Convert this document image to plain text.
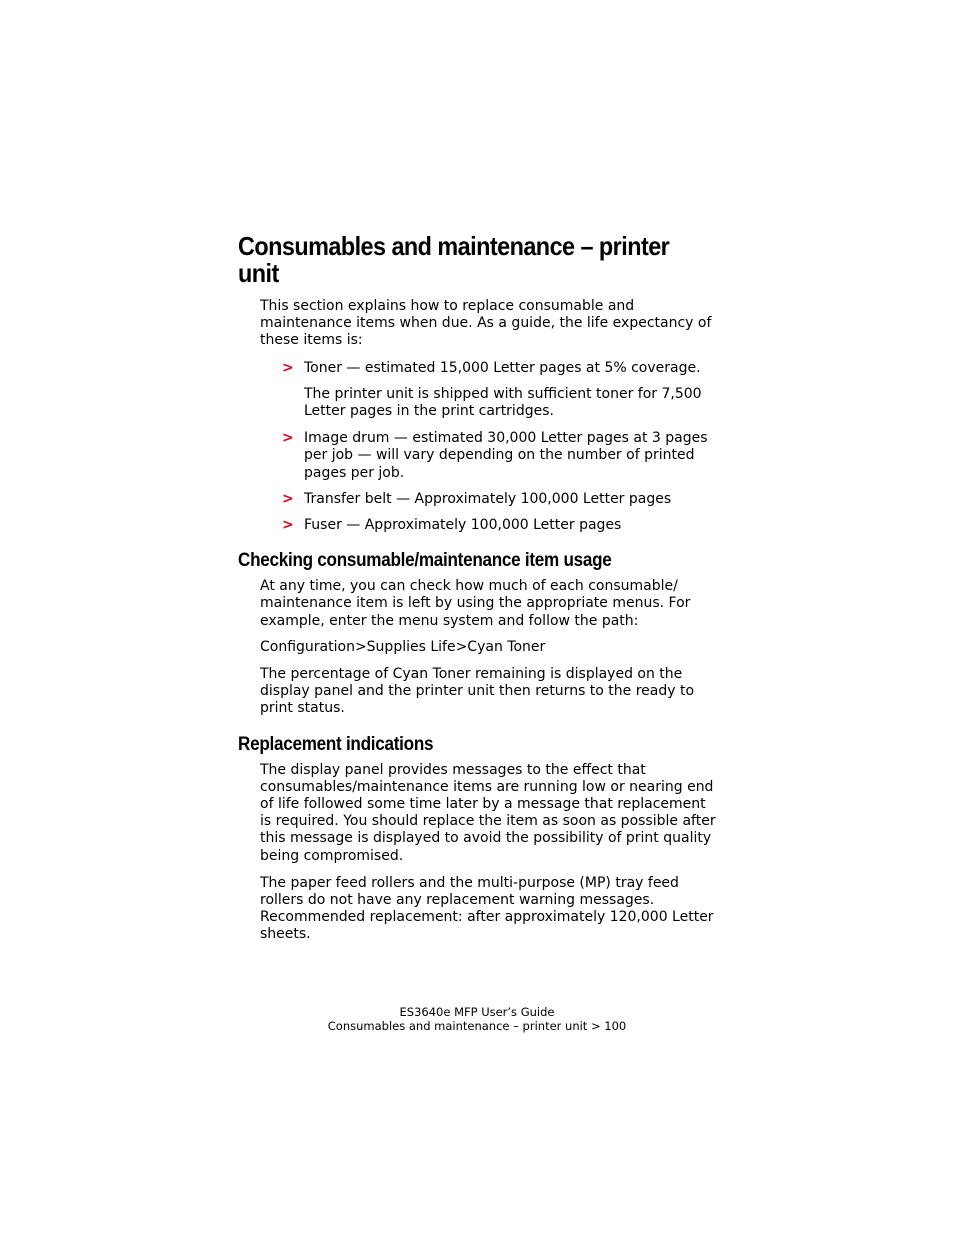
Consumables and maintenance – printer unit

This section explains how to replace consumable and maintenance items when due. As a guide, the life expectancy of these items is:

> Toner — estimated 15,000 Letter pages at 5% coverage.

The printer unit is shipped with sufficient toner for 7,500 Letter pages in the print cartridges.

> Image drum — estimated 30,000 Letter pages at 3 pages per job — will vary depending on the number of printed pages per job.
> Transfer belt — Approximately 100,000 Letter pages
> Fuser — Approximately 100,000 Letter pages
Checking consumable/maintenance item usage

At any time, you can check how much of each consumable/ maintenance item is left by using the appropriate menus. For example, enter the menu system and follow the path:

Configuration>Supplies Life>Cyan Toner

The percentage of Cyan Toner remaining is displayed on the display panel and the printer unit then returns to the ready to print status.

Replacement indications

The display panel provides messages to the effect that consumables/maintenance items are running low or nearing end of life followed some time later by a message that replacement is required. You should replace the item as soon as possible after this message is displayed to avoid the possibility of print quality being compromised.

The paper feed rollers and the multi-purpose (MP) tray feed rollers do not have any replacement warning messages. Recommended replacement: after approximately 120,000 Letter sheets.

ES3640e MFP User’s Guide
Consumables and maintenance – printer unit > 100
